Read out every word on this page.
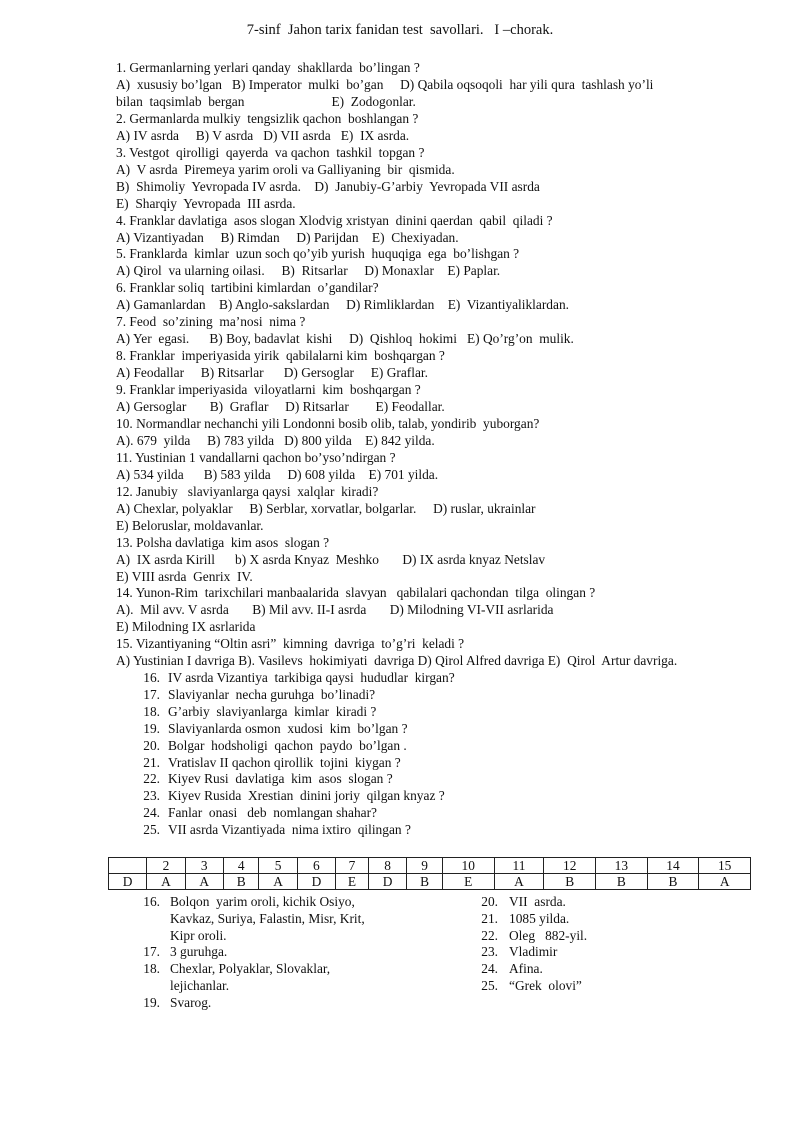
7-sinf  Jahon tarix fanidan test  savollari.   I –chorak.
1. Germanlarning yerlari qanday  shakllarda  bo’lingan ?
A)  xususiy bo’lgan   B) Imperator  mulki  bo’gan     D) Qabila oqsoqoli  har yili qura  tashlash yo’li
bilan  taqsimlab  bergan                          E)  Zodogonlar.
2. Germanlarda mulkiy  tengsizlik qachon  boshlangan ?
A) IV asrda     B) V asrda   D) VII asrda   E)  IX asrda.
3. Vestgot  qirolligi  qayerda  va qachon  tashkil  topgan ?
A)  V asrda  Piremeya yarim oroli va Galliyaning  bir  qismida.
B)  Shimoliy  Yevropada IV asrda.    D)  Janubiy-G’arbiy  Yevropada VII asrda
E)  Sharqiy  Yevropada  III asrda.
4. Franklar davlatiga  asos slogan Xlodvig xristyan  dinini qaerdan  qabil  qiladi ?
A) Vizantiyadan     B) Rimdan     D) Parijdan    E)  Chexiyadan.
5. Franklarda  kimlar  uzun soch qo’yib yurish  huquqiga  ega  bo’lishgan ?
A) Qirol  va ularning oilasi.     B)  Ritsarlar     D) Monaxlar    E) Paplar.
6. Franklar soliq  tartibini kimlardan  o’gandilar?
A) Gamanlardan    B) Anglo-sakslardan     D) Rimliklardan    E)  Vizantiyaliklardan.
7. Feod  so’zining  ma’nosi  nima ?
A) Yer  egasi.      B) Boy, badavlat  kishi     D)  Qishloq  hokimi   E) Qo’rg’on  mulik.
8. Franklar  imperiyasida yirik  qabilalarni kim  boshqargan ?
A) Feodallar     B) Ritsarlar      D) Gersoglar     E) Graflar.
9. Franklar imperiyasida  viloyatlarni  kim  boshqargan ?
A) Gersoglar       B)  Graflar     D) Ritsarlar        E) Feodallar.
10. Normandlar nechanchi yili Londonni bosib olib, talab, yondirib  yuborgan?
A). 679  yilda     B) 783 yilda   D) 800 yilda    E) 842 yilda.
11. Yustinian 1 vandallarni qachon bo’yso’ndirgan ?
A) 534 yilda      B) 583 yilda     D) 608 yilda    E) 701 yilda.
12. Janubiy   slaviyanlarga qaysi  xalqlar  kiradi?
A) Chexlar, polyaklar     B) Serblar, xorvatlar, bolgarlar.     D) ruslar, ukrainlar
E) Beloruslar, moldavanlar.
13. Polsha davlatiga  kim asos  slogan ?
A)  IX asrda Kirill      b) X asrda Knyaz  Meshko       D) IX asrda knyaz Netslav
E) VIII asrda  Genrix  IV.
14. Yunon-Rim  tarixchilari manbaalarida  slavyan   qabilalari qachondan  tilga  olingan ?
A).  Mil avv. V asrda       B) Mil avv. II-I asrda       D) Milodning VI-VII asrlarida
E) Milodning IX asrlarida
15. Vizantiyaning “Oltin asri”  kimning  davriga  to’g’ri  keladi ?
A) Yustinian I davriga B). Vasilevs  hokimiyati  davriga D) Qirol Alfred davriga E)  Qirol  Artur davriga.
16. IV asrda Vizantiya  tarkibiga qaysi  hududlar  kirgan?
17. Slaviyanlar  necha guruhga  bo’linadi?
18. G’arbiy  slaviyanlarga  kimlar  kiradi ?
19. Slaviyanlarda osmon  xudosi  kim  bo’lgan ?
20. Bolgar  hodsholigi  qachon  paydo  bo’lgan .
21. Vratislav II qachon qirollik  tojini  kiygan ?
22. Kiyev Rusi  davlatiga  kim  asos  slogan ?
23. Kiyev Rusida  Xrestian  dinini joriy  qilgan knyaz ?
24. Fanlar  onasi   deb  nomlangan shahar?
25. VII asrda Vizantiyada  nima ixtiro  qilingan ?
	2	3	4	5	6	7	8	9	10	11	12	13	14	15
D	A	A	B	A	D	E	D	B	E	A	B	B	B	A
16. Bolqon  yarim oroli, kichik Osiyo,
Kavkaz, Suriya, Falastin, Misr, Krit,
Kipr oroli.
17. 3 guruhga.
18. Chexlar, Polyaklar, Slovaklar,
lejichanlar.
19. Svarog.
20. VII  asrda.
21. 1085 yilda.
22. Oleg   882-yil.
23. Vladimir
24. Afina.
25. “Grek  olovi”
